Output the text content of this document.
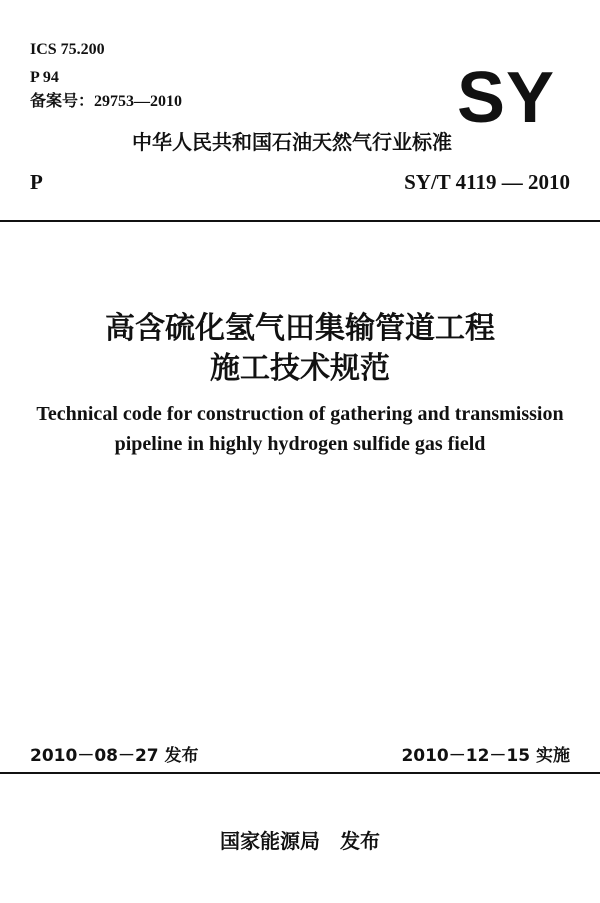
ICS 75.200
P 94
备案号：29753—2010	SY
中华人民共和国石油天然气行业标准
P	SY/T 4119 — 2010
高含硫化氢气田集输管道工程
施工技术规范
Technical code for construction of gathering and transmission
pipeline in highly hydrogen sulfide gas field
2010－08－27 发布	2010－12－15 实施
国家能源局　发布
